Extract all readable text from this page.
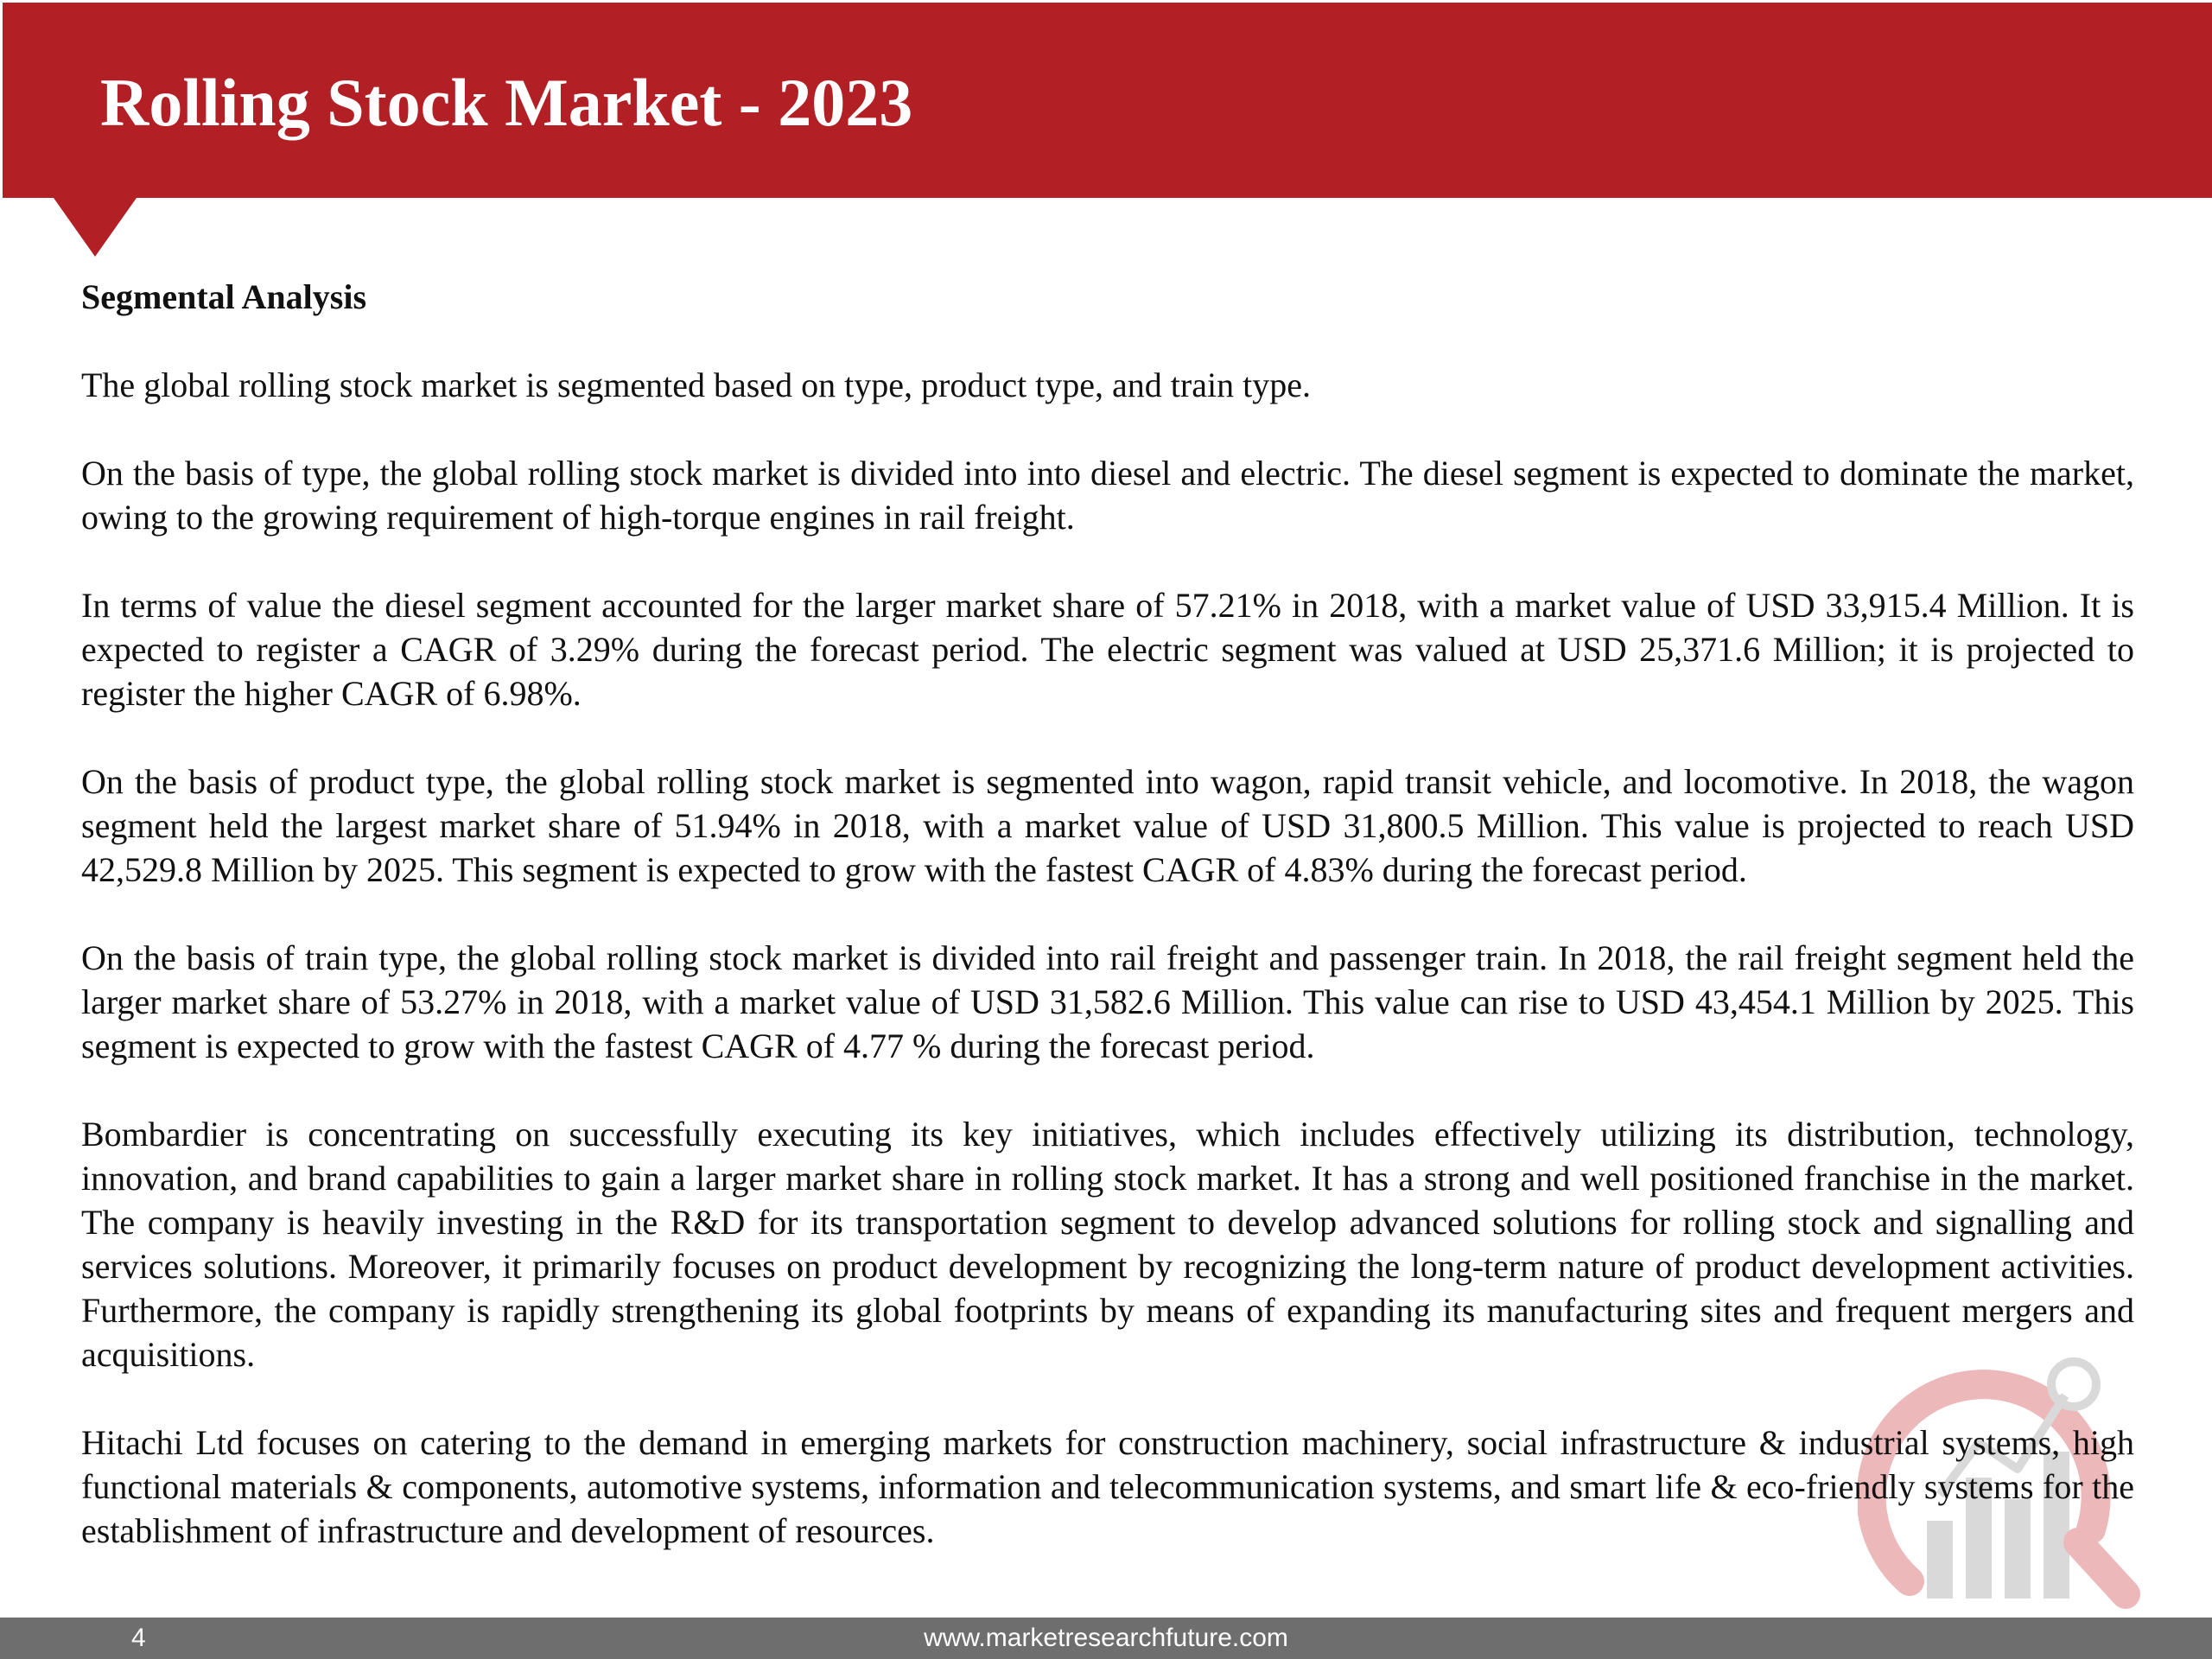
Rolling Stock Market - 2023
Segmental Analysis

The global rolling stock market is segmented based on type, product type, and train type.

On the basis of type, the global rolling stock market is divided into into diesel and electric. The diesel segment is expected to dominate the market, owing to the growing requirement of high-torque engines in rail freight.

In terms of value the diesel segment accounted for the larger market share of 57.21% in 2018, with a market value of USD 33,915.4 Million. It is expected to register a CAGR of 3.29% during the forecast period. The electric segment was valued at USD 25,371.6 Million; it is projected to register the higher CAGR of 6.98%.

On the basis of product type, the global rolling stock market is segmented into wagon, rapid transit vehicle, and locomotive. In 2018, the wagon segment held the largest market share of 51.94% in 2018, with a market value of USD 31,800.5 Million. This value is projected to reach USD 42,529.8 Million by 2025. This segment is expected to grow with the fastest CAGR of 4.83% during the forecast period.

On the basis of train type, the global rolling stock market is divided into rail freight and passenger train. In 2018, the rail freight segment held the larger market share of 53.27% in 2018, with a market value of USD 31,582.6 Million. This value can rise to USD 43,454.1 Million by 2025. This segment is expected to grow with the fastest CAGR of 4.77 % during the forecast period.

Bombardier is concentrating on successfully executing its key initiatives, which includes effectively utilizing its distribution, technology, innovation, and brand capabilities to gain a larger market share in rolling stock market. It has a strong and well positioned franchise in the market. The company is heavily investing in the R&D for its transportation segment to develop advanced solutions for rolling stock and signalling and services solutions. Moreover, it primarily focuses on product development by recognizing the long-term nature of product development activities. Furthermore, the company is rapidly strengthening its global footprints by means of expanding its manufacturing sites and frequent mergers and acquisitions.

Hitachi Ltd focuses on catering to the demand in emerging markets for construction machinery, social infrastructure & industrial systems, high functional materials & components, automotive systems, information and telecommunication systems, and smart life & eco-friendly systems for the establishment of infrastructure and development of resources.

4	www.marketresearchfuture.com
